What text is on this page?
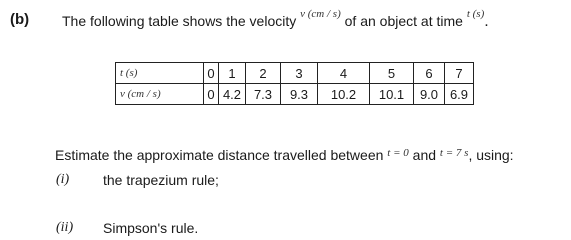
(b) The following table shows the velocity $^{v (cm / s)}$ of an object at time $^{t (s)}$.
t (s)	0	1	2	3	4	5	6	7
v (cm / s)	0	4.2	7.3	9.3	10.2	10.1	9.0	6.9
Estimate the approximate distance travelled between $^{t = 0}$ and $^{t = 7 s}$, using:
(i) the trapezium rule;
(ii) Simpson's rule.
